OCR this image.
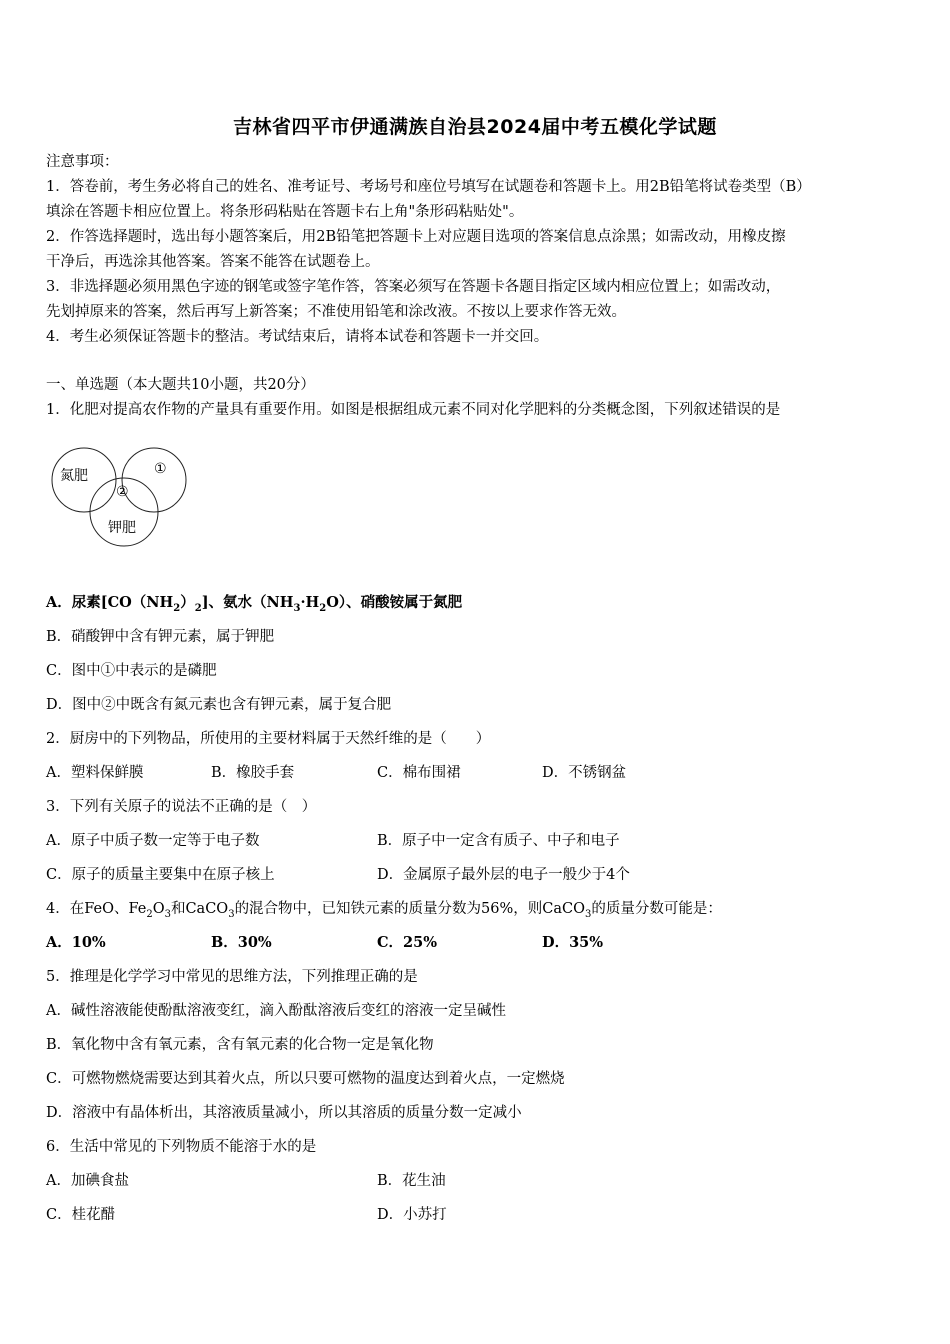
吉林省四平市伊通满族自治县2024届中考五模化学试题
注意事项：
1．答卷前，考生务必将自己的姓名、准考证号、考场号和座位号填写在试题卷和答题卡上。用2B铅笔将试卷类型（B）
填涂在答题卡相应位置上。将条形码粘贴在答题卡右上角"条形码粘贴处"。
2．作答选择题时，选出每小题答案后，用2B铅笔把答题卡上对应题目选项的答案信息点涂黑；如需改动，用橡皮擦
干净后，再选涂其他答案。答案不能答在试题卷上。
3．非选择题必须用黑色字迹的钢笔或签字笔作答，答案必须写在答题卡各题目指定区域内相应位置上；如需改动，
先划掉原来的答案，然后再写上新答案；不准使用铅笔和涂改液。不按以上要求作答无效。
4．考生必须保证答题卡的整洁。考试结束后，请将本试卷和答题卡一并交回。
一、单选题（本大题共10小题，共20分）
1．化肥对提高农作物的产量具有重要作用。如图是根据组成元素不同对化学肥料的分类概念图，下列叙述错误的是
氮肥	①
②
钾肥
A．尿素$[CO(NH_2)_2]$、氨水$(NH_3\cdot H_2O)$、硝酸铵属于氮肥
B．硝酸钾中含有钾元素，属于钾肥
C．图中①中表示的是磷肥
D．图中②中既含有氮元素也含有钾元素，属于复合肥
2．厨房中的下列物品，所使用的主要材料属于天然纤维的是（　　）
A．塑料保鲜膜	B．橡胶手套	C．棉布围裙	D．不锈钢盆
3．下列有关原子的说法不正确的是（　）
A．原子中质子数一定等于电子数	B．原子中一定含有质子、中子和电子
C．原子的质量主要集中在原子核上	D．金属原子最外层的电子一般少于4个
4．在FeO、$Fe_2O_3$和CaCO$_3$的混合物中，已知铁元素的质量分数为56%，则CaCO$_3$的质量分数可能是：
A．10%	B．30%	C．25%	D．35%
5．推理是化学学习中常见的思维方法，下列推理正确的是
A．碱性溶液能使酚酞溶液变红，滴入酚酞溶液后变红的溶液一定呈碱性
B．氧化物中含有氧元素，含有氧元素的化合物一定是氧化物
C．可燃物燃烧需要达到其着火点，所以只要可燃物的温度达到着火点，一定燃烧
D．溶液中有晶体析出，其溶液质量减小，所以其溶质的质量分数一定减小
6．生活中常见的下列物质不能溶于水的是
A．加碘食盐	B．花生油
C．桂花醋	D．小苏打
